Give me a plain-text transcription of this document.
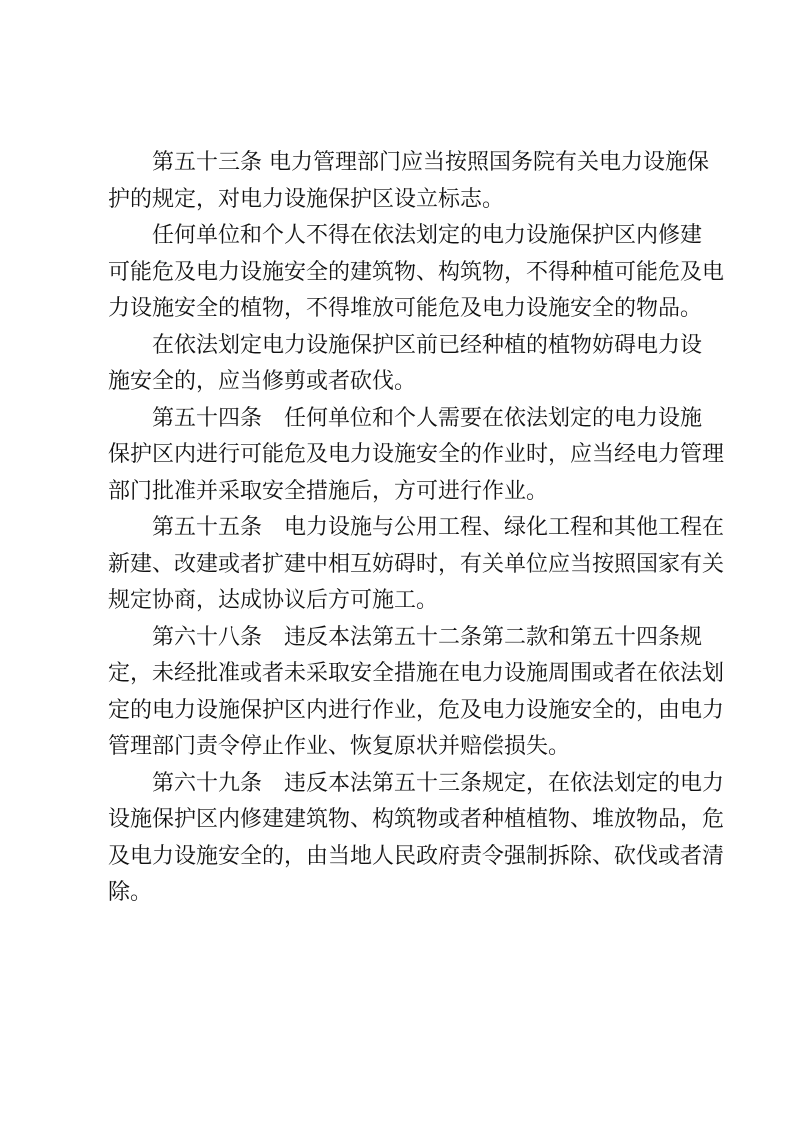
第五十三条 电力管理部门应当按照国务院有关电力设施保
护的规定，对电力设施保护区设立标志。

任何单位和个人不得在依法划定的电力设施保护区内修建
可能危及电力设施安全的建筑物、构筑物，不得种植可能危及电
力设施安全的植物，不得堆放可能危及电力设施安全的物品。

在依法划定电力设施保护区前已经种植的植物妨碍电力设
施安全的，应当修剪或者砍伐。

第五十四条　任何单位和个人需要在依法划定的电力设施
保护区内进行可能危及电力设施安全的作业时，应当经电力管理
部门批准并采取安全措施后，方可进行作业。

第五十五条　电力设施与公用工程、绿化工程和其他工程在
新建、改建或者扩建中相互妨碍时，有关单位应当按照国家有关
规定协商，达成协议后方可施工。

第六十八条　违反本法第五十二条第二款和第五十四条规
定，未经批准或者未采取安全措施在电力设施周围或者在依法划
定的电力设施保护区内进行作业，危及电力设施安全的，由电力
管理部门责令停止作业、恢复原状并赔偿损失。

第六十九条　违反本法第五十三条规定，在依法划定的电力
设施保护区内修建建筑物、构筑物或者种植植物、堆放物品，危
及电力设施安全的，由当地人民政府责令强制拆除、砍伐或者清
除。
